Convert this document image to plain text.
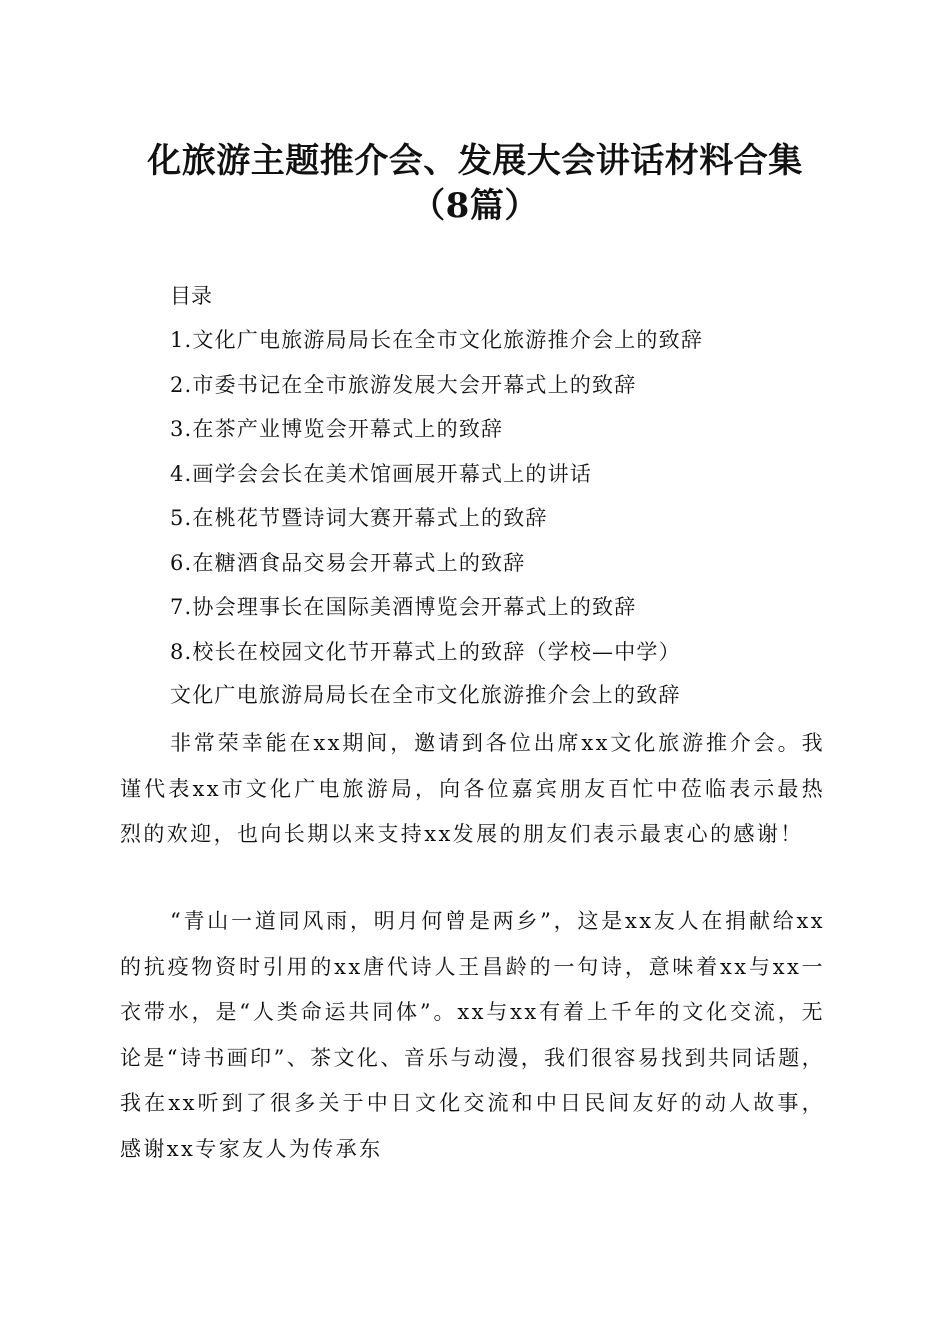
化旅游主题推介会、发展大会讲话材料合集
（8篇）

目录

1.文化广电旅游局局长在全市文化旅游推介会上的致辞
2.市委书记在全市旅游发展大会开幕式上的致辞
3.在茶产业博览会开幕式上的致辞
4.画学会会长在美术馆画展开幕式上的讲话
5.在桃花节暨诗词大赛开幕式上的致辞
6.在糖酒食品交易会开幕式上的致辞
7.协会理事长在国际美酒博览会开幕式上的致辞
8.校长在校园文化节开幕式上的致辞（学校—中学）

文化广电旅游局局长在全市文化旅游推介会上的致辞

非常荣幸能在xx期间，邀请到各位出席xx文化旅游推介会。我谨代表xx市文化广电旅游局，向各位嘉宾朋友百忙中莅临表示最热烈的欢迎，也向长期以来支持xx发展的朋友们表示最衷心的感谢！

“青山一道同风雨，明月何曾是两乡”，这是xx友人在捐献给xx的抗疫物资时引用的xx唐代诗人王昌龄的一句诗，意味着xx与xx一衣带水，是“人类命运共同体”。xx与xx有着上千年的文化交流，无论是“诗书画印”、茶文化、音乐与动漫，我们很容易找到共同话题，我在xx听到了很多关于中日文化交流和中日民间友好的动人故事，感谢xx专家友人为传承东
